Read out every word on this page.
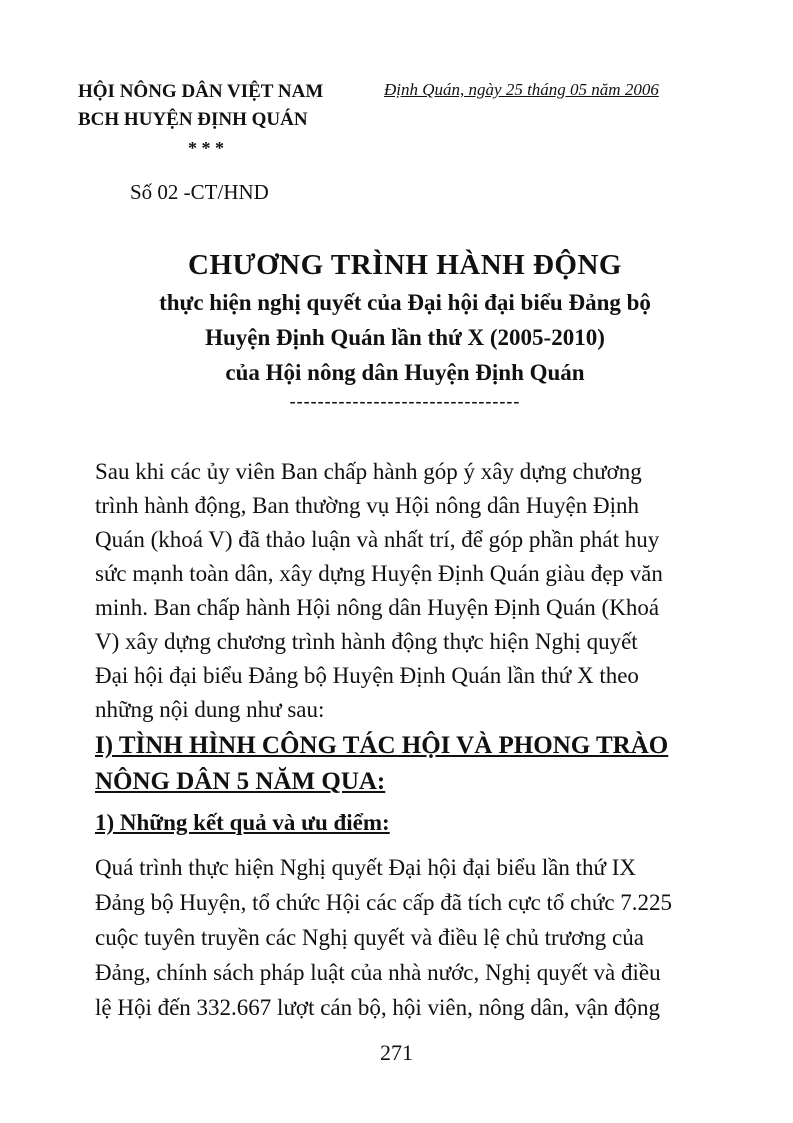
HỘI NÔNG DÂN VIỆT NAM
BCH HUYỆN ĐỊNH QUÁN
* * *
Định Quán, ngày 25 tháng 05 năm 2006
Số 02 -CT/HND
CHƯƠNG TRÌNH HÀNH ĐỘNG
thực hiện nghị quyết của Đại hội đại biểu Đảng bộ
Huyện Định Quán lần thứ X (2005-2010)
của Hội nông dân Huyện Định Quán
---------------------------------
Sau khi các ủy viên Ban chấp hành góp ý xây dựng chương
trình hành động, Ban thường vụ Hội nông dân Huyện Định
Quán (khoá V) đã thảo luận và nhất trí, để góp phần phát huy
sức mạnh toàn dân, xây dựng Huyện Định Quán giàu đẹp văn
minh. Ban chấp hành Hội nông dân Huyện Định Quán (Khoá
V) xây dựng chương trình hành động thực hiện Nghị quyết
Đại hội đại biểu Đảng bộ Huyện Định Quán lần thứ X theo
những nội dung như sau:
I) TÌNH HÌNH CÔNG TÁC HỘI VÀ PHONG TRÀO
NÔNG DÂN 5 NĂM QUA:
1) Những kết quả và ưu điểm:
Quá trình thực hiện Nghị quyết Đại hội đại biểu lần thứ IX
Đảng bộ Huyện, tổ chức Hội các cấp đã tích cực tổ chức 7.225
cuộc tuyên truyền các Nghị quyết và điều lệ chủ trương của
Đảng, chính sách pháp luật của nhà nước, Nghị quyết và điều
lệ Hội đến 332.667 lượt cán bộ, hội viên, nông dân, vận động
271
